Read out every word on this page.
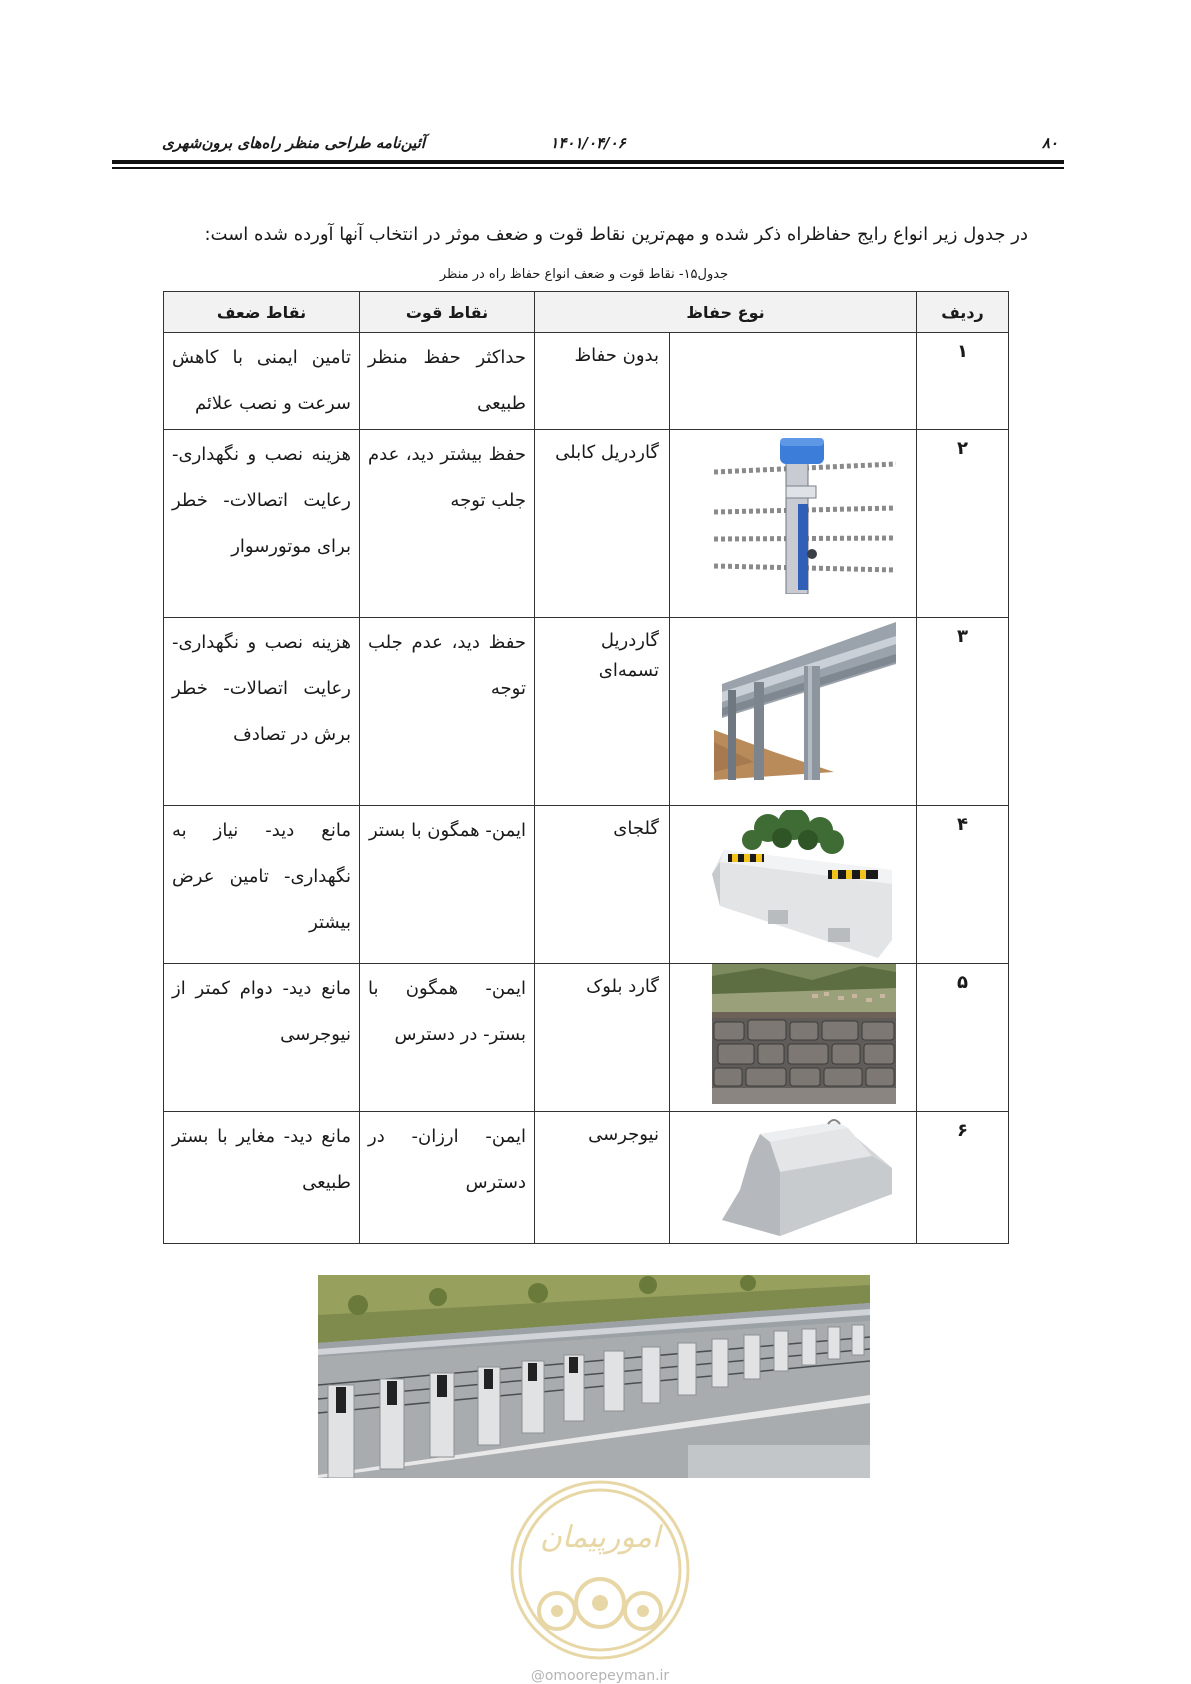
۸۰
۱۴۰۱/۰۴/۰۶
آئین‌نامه طراحی منظر راه‌های برون‌شهری
در جدول زیر انواع رایج حفاظراه ذکر شده و مهم‌ترین نقاط قوت و ضعف موثر در انتخاب آنها آورده شده است:
جدول۱۵- نقاط قوت و ضعف انواع حفاظ راه در منظر
ردیف	نوع حفاظ		نقاط قوت	نقاط ضعف
۱		بدون حفاظ	حداکثر حفظ منظر طبیعی	تامین ایمنی با کاهش سرعت و نصب علائم
۲		گاردریل کابلی	حفظ بیشتر دید، عدم جلب توجه	هزینه نصب و نگهداری- رعایت اتصالات- خطر برای موتورسوار
۳		گاردریل تسمه‌ای	حفظ دید، عدم جلب توجه	هزینه نصب و نگهداری- رعایت اتصالات- خطر برش در تصادف
۴		گلجای	ایمن- همگون با بستر	مانع دید- نیاز به نگهداری- تامین عرض بیشتر
۵		گارد بلوک	ایمن- همگون با بستر- در دسترس	مانع دید- دوام کمتر از نیوجرسی
۶		نیوجرسی	ایمن- ارزان- در دسترس	مانع دید- مغایر با بستر طبیعی
امورپیمان
@omoorepeyman.ir
